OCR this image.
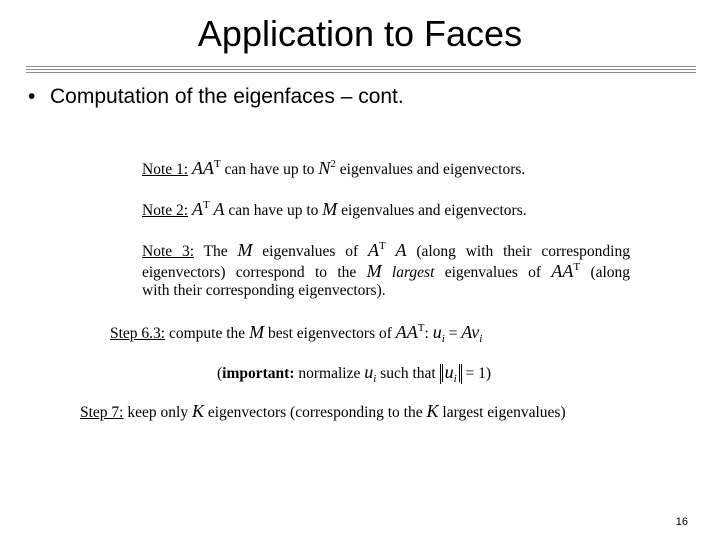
Application to Faces
• Computation of the eigenfaces – cont.
Note 1: $AA^T$ can have up to $N^2$ eigenvalues and eigenvectors.
Note 2: $A^T$ A can have up to M eigenvalues and eigenvectors.
Note 3: The M eigenvalues of $A^T$ A (along with their corresponding
eigenvectors) correspond to the M largest eigenvalues of $AA^T$ (along
with their corresponding eigenvectors).
Step 6.3: compute the M best eigenvectors of $AA^T$: $u_i = Av_i$
(important: normalize $u_i$ such that $u_i = 1$)
Step 7: keep only K eigenvectors (corresponding to the K largest eigenvalues)
16
